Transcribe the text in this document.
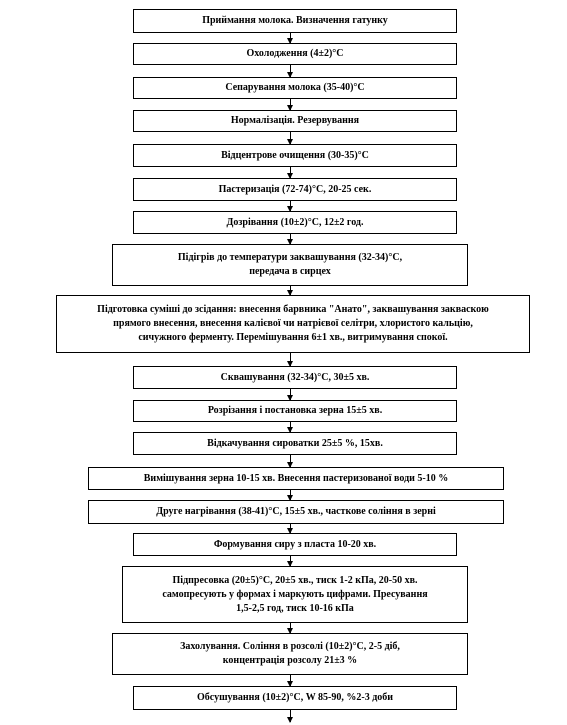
Приймання молока. Визначення гатунку
Охолодження (4±2)°С
Сепарування молока (35-40)°С
Нормалізація. Резервування
Відцентрове очищення (30-35)°С
Пастеризація (72-74)°С, 20-25 сек.
Дозрівання (10±2)°С, 12±2 год.
Підігрів до температури заквашування (32-34)°С,
передача в сирцех
Підготовка суміші до зсідання: внесення барвника "Анато", заквашування закваскою
прямого внесення, внесення калієвої чи натрієвої селітри, хлористого кальцію,
сичужного ферменту. Перемішування 6±1 хв., витримування спокої.
Сквашування (32-34)°С, 30±5 хв.
Розрізання і постановка зерна 15±5 хв.
Відкачування сироватки 25±5 %, 15хв.
Вимішування зерна 10-15 хв. Внесення пастеризованої води 5-10 %
Друге нагрівання (38-41)°С, 15±5 хв., часткове соління в зерні
Формування сиру з пласта 10-20 хв.
Підпресовка (20±5)°С, 20±5 хв., тиск 1-2 кПа, 20-50 хв.
самопресують у формах і маркують цифрами. Пресування
1,5-2,5 год, тиск 10-16 кПа
Захолування. Соління в розсолі (10±2)°С, 2-5 діб,
концентрація розсолу 21±3 %
Обсушування (10±2)°С, W 85-90, %2-3 доби
